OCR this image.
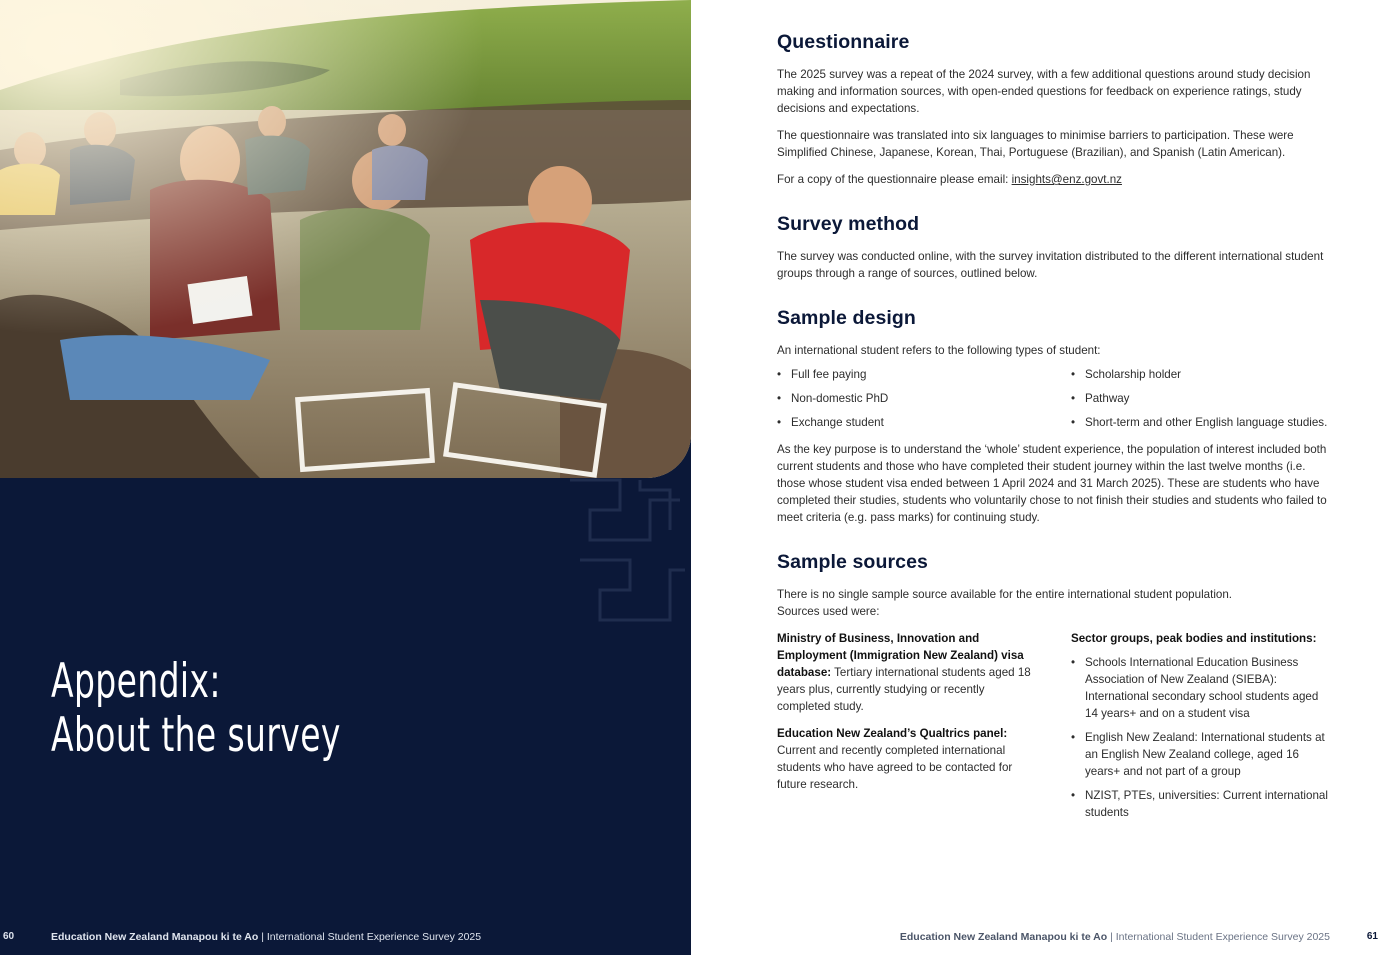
Appendix:
About the survey
60	Education New Zealand Manapou ki te Ao | International Student Experience Survey 2025
Questionnaire

The 2025 survey was a repeat of the 2024 survey, with a few additional questions around study decision making and information sources, with open-ended questions for feedback on experience ratings, study decisions and expectations.

The questionnaire was translated into six languages to minimise barriers to participation. These were Simplified Chinese, Japanese, Korean, Thai, Portuguese (Brazilian), and Spanish (Latin American).

For a copy of the questionnaire please email: insights@enz.govt.nz

Survey method

The survey was conducted online, with the survey invitation distributed to the different international student groups through a range of sources, outlined below.

Sample design

An international student refers to the following types of student:

• Full fee paying
• Non-domestic PhD
• Exchange student
• Scholarship holder
• Pathway
• Short-term and other English language studies.

As the key purpose is to understand the ‘whole’ student experience, the population of interest included both current students and those who have completed their student journey within the last twelve months (i.e. those whose student visa ended between 1 April 2024 and 31 March 2025). These are students who have completed their studies, students who voluntarily chose to not finish their studies and students who failed to meet criteria (e.g. pass marks) for continuing study.

Sample sources

There is no single sample source available for the entire international student population.
Sources used were:

Ministry of Business, Innovation and Employment (Immigration New Zealand) visa database: Tertiary international students aged 18 years plus, currently studying or recently completed study.

Education New Zealand’s Qualtrics panel:
Current and recently completed international students who have agreed to be contacted for future research.

Sector groups, peak bodies and institutions:
• Schools International Education Business Association of New Zealand (SIEBA): International secondary school students aged 14 years+ and on a student visa
• English New Zealand: International students at an English New Zealand college, aged 16 years+ and not part of a group
• NZIST, PTEs, universities: Current international students
Education New Zealand Manapou ki te Ao | International Student Experience Survey 2025	61
